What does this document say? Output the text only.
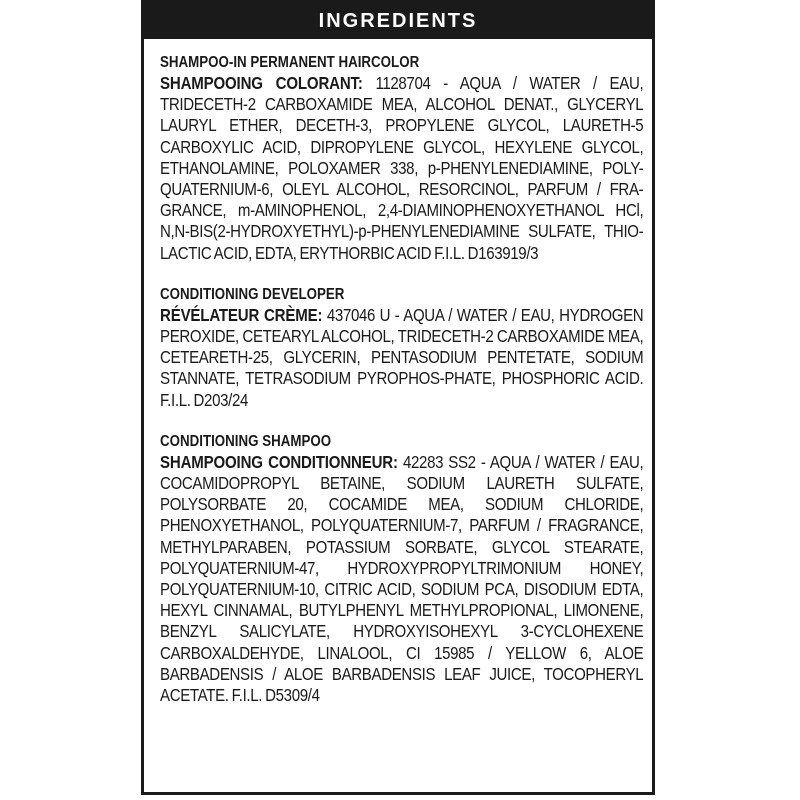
INGREDIENTS
SHAMPOO-IN PERMANENT HAIRCOLOR
SHAMPOOING COLORANT: 1128704 - AQUA / WATER / EAU, TRIDECETH-2 CARBOXAMIDE MEA, ALCOHOL DENAT., GLYCERYL LAURYL ETHER, DECETH-3, PROPYLENE GLYCOL, LAURETH-5 CARBOXYLIC ACID, DIPROPYLENE GLYCOL, HEXYLENE GLYCOL, ETHANOLAMINE, POLOXAMER 338, p-PHENYLENEDIAMINE, POLY-QUATERNIUM-6, OLEYL ALCOHOL, RESORCINOL, PARFUM / FRA-GRANCE, m-AMINOPHENOL, 2,4-DIAMINOPHENOXYETHANOL HCl, N,N-BIS(2-HYDROXYETHYL)-p-PHENYLENEDIAMINE SULFATE, THIO-LACTIC ACID, EDTA, ERYTHORBIC ACID F.I.L. D163919/3
CONDITIONING DEVELOPER
RÉVÉLATEUR CRÈME: 437046 U - AQUA / WATER / EAU, HYDROGEN PEROXIDE, CETEARYL ALCOHOL, TRIDECETH-2 CARBOXAMIDE MEA, CETEARETH-25, GLYCERIN, PENTASODIUM PENTETATE, SODIUM STANNATE, TETRASODIUM PYROPHOS-PHATE, PHOSPHORIC ACID. F.I.L. D203/24
CONDITIONING SHAMPOO
SHAMPOOING CONDITIONNEUR: 42283 SS2 - AQUA / WATER / EAU, COCAMIDOPROPYL BETAINE, SODIUM LAURETH SULFATE, POLYSORBATE 20, COCAMIDE MEA, SODIUM CHLORIDE, PHENOXYETHANOL, POLYQUATERNIUM-7, PARFUM / FRAGRANCE, METHYLPARABEN, POTASSIUM SORBATE, GLYCOL STEARATE, POLYQUATERNIUM-47, HYDROXYPROPYLTRIMONIUM HONEY, POLYQUATERNIUM-10, CITRIC ACID, SODIUM PCA, DISODIUM EDTA, HEXYL CINNAMAL, BUTYLPHENYL METHYLPROPIONAL, LIMONENE, BENZYL SALICYLATE, HYDROXYISOHEXYL 3-CYCLOHEXENE CARBOXALDEHYDE, LINALOOL, CI 15985 / YELLOW 6, ALOE BARBADENSIS / ALOE BARBADENSIS LEAF JUICE, TOCOPHERYL ACETATE. F.I.L. D5309/4
